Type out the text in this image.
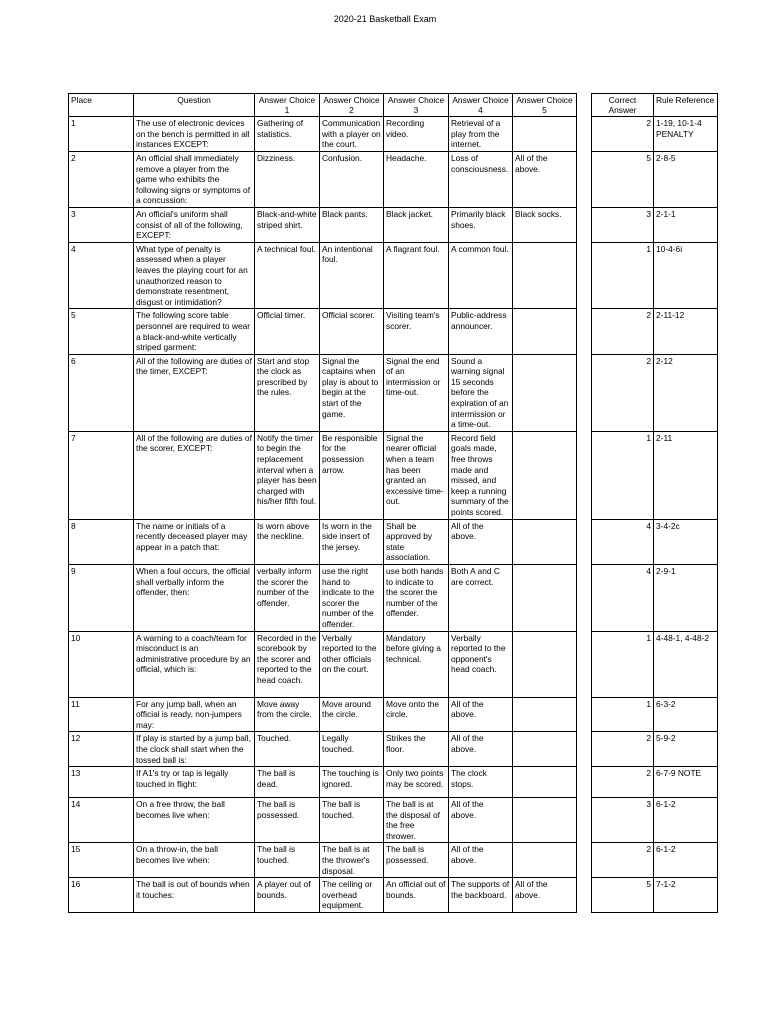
2020-21 Basketball Exam
Place	Question	Answer Choice 1	Answer Choice 2	Answer Choice 3	Answer Choice 4	Answer Choice 5		Correct Answer	Rule Reference
1	The use of electronic devices on the bench is permitted in all instances EXCEPT:	Gathering of statistics.	Communication with a player on the court.	Recording video.	Retrieval of a play from the internet.			2	1-19, 10-1-4 PENALTY
2	An official shall immediately remove a player from the game who exhibits the following signs or symptoms of a concussion:	Dizziness.	Confusion.	Headache.	Loss of consciousness.	All of the above.		5	2-8-5
3	An official's uniform shall consist of all of the following, EXCEPT:	Black-and-white striped shirt.	Black pants.	Black jacket.	Primarily black shoes.	Black socks.		3	2-1-1
4	What type of penalty is assessed when a player leaves the playing court for an unauthorized reason to demonstrate resentment, disgust or intimidation?	A technical foul.	An intentional foul.	A flagrant foul.	A common foul.			1	10-4-6i
5	The following score table personnel are required to wear a black-and-white vertically striped garment:	Official timer.	Official scorer.	Visiting team's scorer.	Public-address announcer.			2	2-11-12
6	All of the following are duties of the timer, EXCEPT:	Start and stop the clock as prescribed by the rules.	Signal the captains when play is about to begin at the start of the game.	Signal the end of an intermission or time-out.	Sound a warning signal 15 seconds before the expiration of an intermission or a time-out.			2	2-12
7	All of the following are duties of the scorer, EXCEPT:	Notify the timer to begin the replacement interval when a player has been charged with his/her fifth foul.	Be responsible for the possession arrow.	Signal the nearer official when a team has been granted an excessive time-out.	Record field goals made, free throws made and missed, and keep a running summary of the points scored.			1	2-11
8	The name or initials of a recently deceased player may appear in a patch that:	Is worn above the neckline.	Is worn in the side insert of the jersey.	Shall be approved by state association.	All of the above.			4	3-4-2c
9	When a foul occurs, the official shall verbally inform the offender, then:	verbally inform the scorer the number of the offender.	use the right hand to indicate to the scorer the number of the offender.	use both hands to indicate to the scorer the number of the offender.	Both A and C are correct.			4	2-9-1
10	A warning to a coach/team for misconduct is an administrative procedure by an official, which is:	Recorded in the scorebook by the scorer and reported to the head coach.	Verbally reported to the other officials on the court.	Mandatory before giving a technical.	Verbally reported to the opponent's head coach.			1	4-48-1, 4-48-2
11	For any jump ball, when an official is ready, non-jumpers may:	Move away from the circle.	Move around the circle.	Move onto the circle.	All of the above.			1	6-3-2
12	If play is started by a jump ball, the clock shall start when the tossed ball is:	Touched.	Legally touched.	Strikes the floor.	All of the above.			2	5-9-2
13	If A1's try or tap is legally touched in flight:	The ball is dead.	The touching is ignored.	Only two points may be scored.	The clock stops.			2	6-7-9 NOTE
14	On a free throw, the ball becomes live when:	The ball is possessed.	The ball is touched.	The ball is at the disposal of the free thrower.	All of the above.			3	6-1-2
15	On a throw-in, the ball becomes live when:	The ball is touched.	The ball is at the thrower's disposal.	The ball is possessed.	All of the above.			2	6-1-2
16	The ball is out of bounds when it touches:	A player out of bounds.	The ceiling or overhead equipment.	An official out of bounds.	The supports of the backboard.	All of the above.		5	7-1-2
